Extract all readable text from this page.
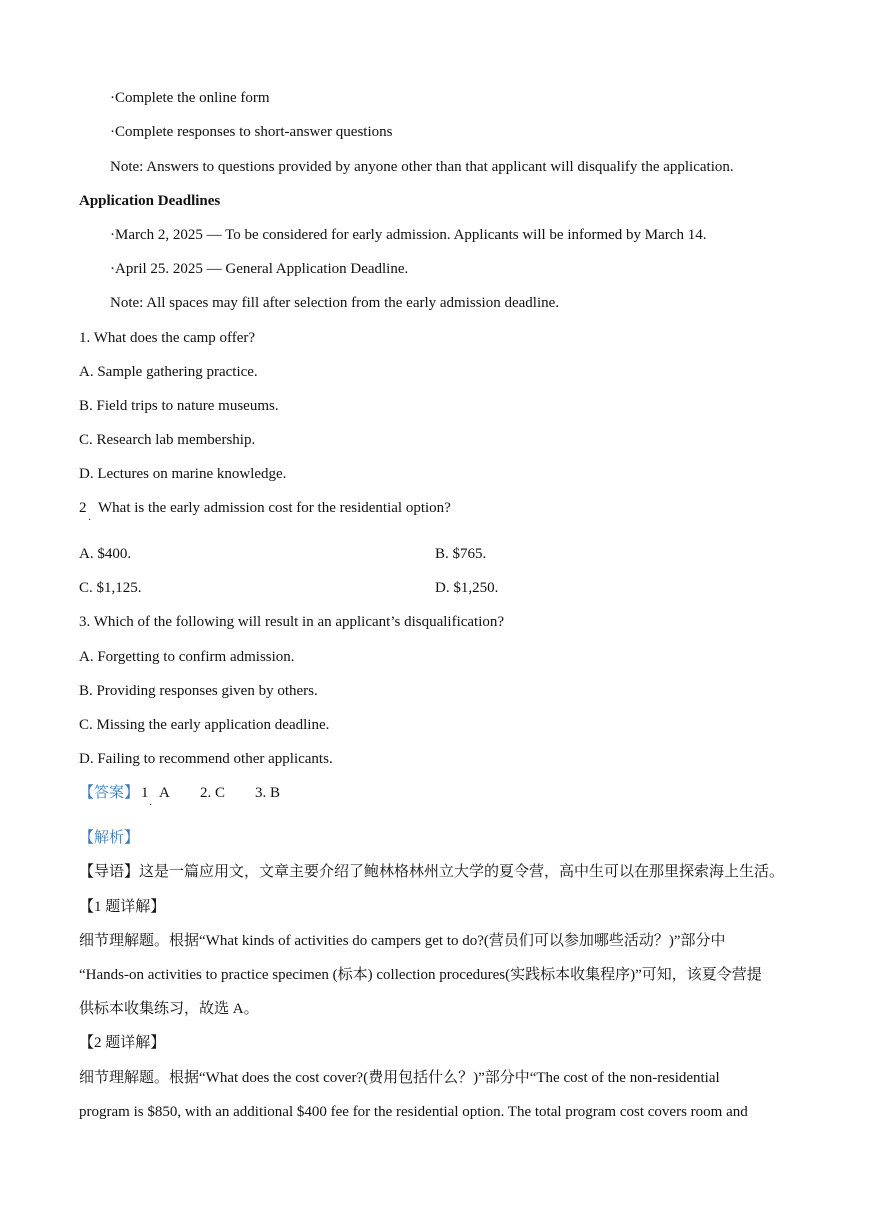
·Complete the online form
·Complete responses to short-answer questions
Note: Answers to questions provided by anyone other than that applicant will disqualify the application.
Application Deadlines
·March 2, 2025 — To be considered for early admission. Applicants will be informed by March 14.
·April 25. 2025 — General Application Deadline.
Note: All spaces may fill after selection from the early admission deadline.
1. What does the camp offer?
A. Sample gathering practice.
B. Field trips to nature museums.
C. Research lab membership.
D. Lectures on marine knowledge.
2
·
What is the early admission cost for the residential option?
A. $400.	B. $765.
C. $1,125.	D. $1,250.
3. Which of the following will result in an applicant’s disqualification?
A. Forgetting to confirm admission.
B. Providing responses given by others.
C. Missing the early application deadline.
D. Failing to recommend other applicants.
【答案】 1
·
A 2. C 3. B
【解析】
【导语】这是一篇应用文，文章主要介绍了鲍林格林州立大学的夏令营，高中生可以在那里探索海上生活。
【1 题详解】
细节理解题。根据“What kinds of activities do campers get to do?(营员们可以参加哪些活动？)”部分中
“Hands-on activities to practice specimen (标本) collection procedures(实践标本收集程序)”可知，该夏令营提
供标本收集练习，故选 A。
【2 题详解】
细节理解题。根据“What does the cost cover?(费用包括什么？)”部分中“The cost of the non-residential
program is $850, with an additional $400 fee for the residential option. The total program cost covers room and
